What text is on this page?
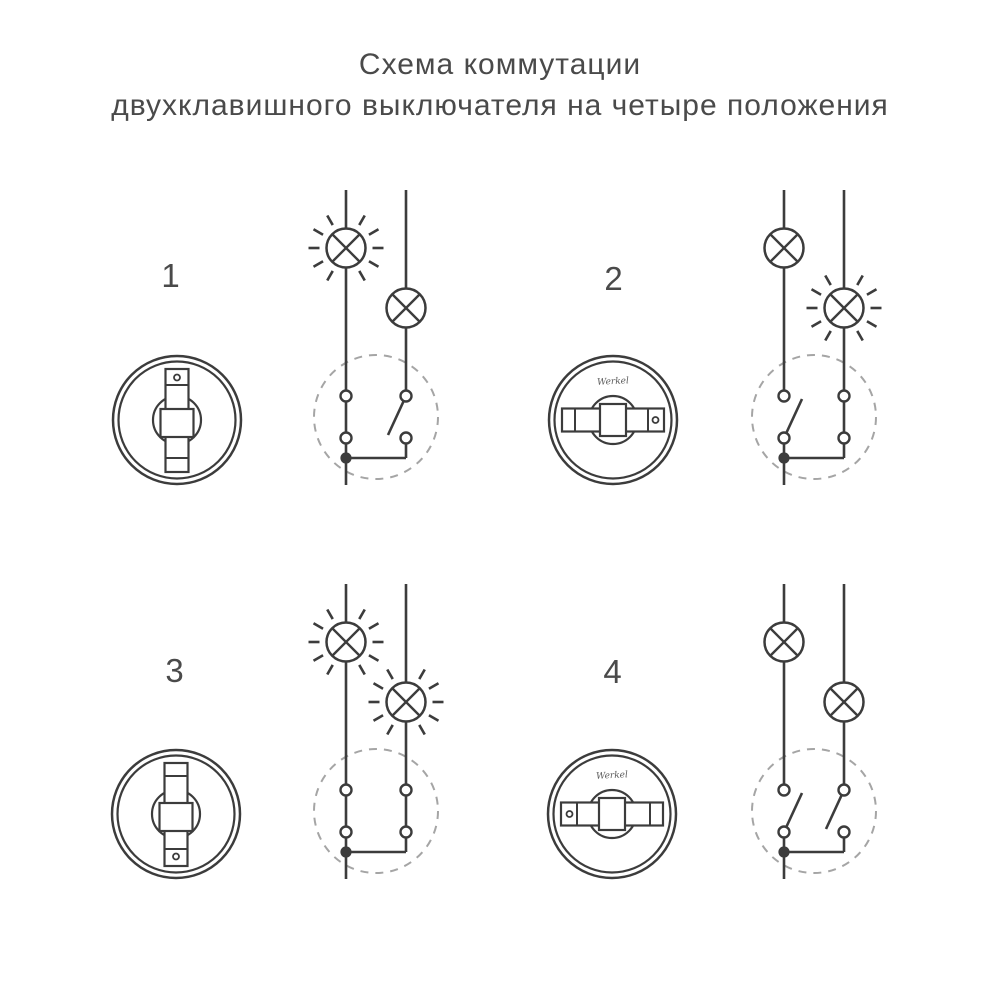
Схема коммутации
двухклавишного выключателя на четыре положения
1	2
3	4
Werkel
Werkel
